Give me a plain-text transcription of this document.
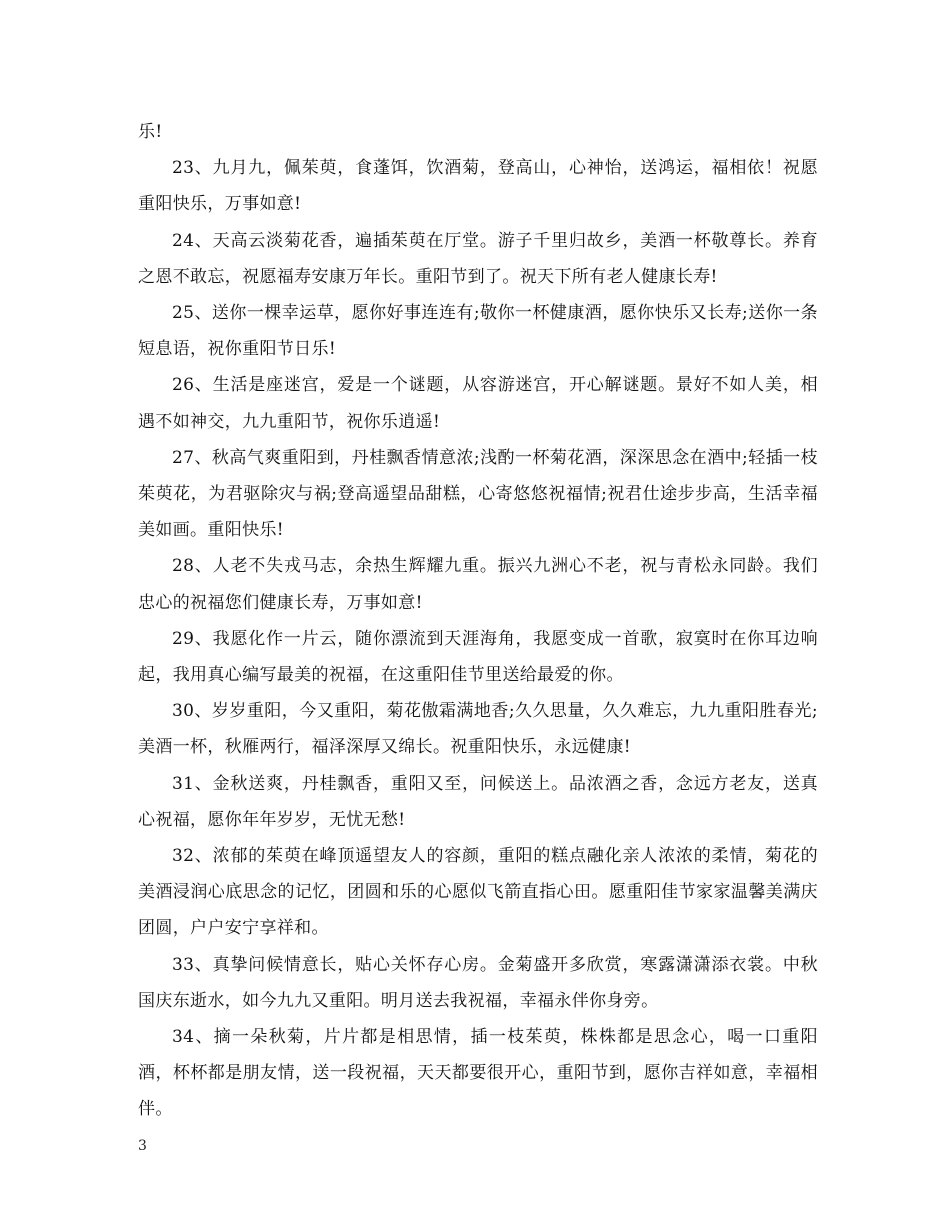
乐!

23、九月九，佩茱萸，食蓬饵，饮酒菊，登高山，心神怡，送鸿运，福相依！祝愿重阳快乐，万事如意!

24、天高云淡菊花香，遍插茱萸在厅堂。游子千里归故乡，美酒一杯敬尊长。养育之恩不敢忘，祝愿福寿安康万年长。重阳节到了。祝天下所有老人健康长寿!

25、送你一棵幸运草，愿你好事连连有;敬你一杯健康酒，愿你快乐又长寿;送你一条短息语，祝你重阳节日乐!

26、生活是座迷宫，爱是一个谜题，从容游迷宫，开心解谜题。景好不如人美，相遇不如神交，九九重阳节，祝你乐逍遥!

27、秋高气爽重阳到，丹桂飘香情意浓;浅酌一杯菊花酒，深深思念在酒中;轻插一枝茱萸花，为君驱除灾与祸;登高遥望品甜糕，心寄悠悠祝福情;祝君仕途步步高，生活幸福美如画。重阳快乐!

28、人老不失戎马志，余热生辉耀九重。振兴九洲心不老，祝与青松永同龄。我们忠心的祝福您们健康长寿，万事如意!

29、我愿化作一片云，随你漂流到天涯海角，我愿变成一首歌，寂寞时在你耳边响起，我用真心编写最美的祝福，在这重阳佳节里送给最爱的你。

30、岁岁重阳，今又重阳，菊花傲霜满地香;久久思量，久久难忘，九九重阳胜春光;美酒一杯，秋雁两行，福泽深厚又绵长。祝重阳快乐，永远健康!

31、金秋送爽，丹桂飘香，重阳又至，问候送上。品浓酒之香，念远方老友，送真心祝福，愿你年年岁岁，无忧无愁!

32、浓郁的茱萸在峰顶遥望友人的容颜，重阳的糕点融化亲人浓浓的柔情，菊花的美酒浸润心底思念的记忆，团圆和乐的心愿似飞箭直指心田。愿重阳佳节家家温馨美满庆团圆，户户安宁享祥和。

33、真挚问候情意长，贴心关怀存心房。金菊盛开多欣赏，寒露潇潇添衣裳。中秋国庆东逝水，如今九九又重阳。明月送去我祝福，幸福永伴你身旁。

34、摘一朵秋菊，片片都是相思情，插一枝茱萸，株株都是思念心，喝一口重阳酒，杯杯都是朋友情，送一段祝福，天天都要很开心，重阳节到，愿你吉祥如意，幸福相伴。

3
